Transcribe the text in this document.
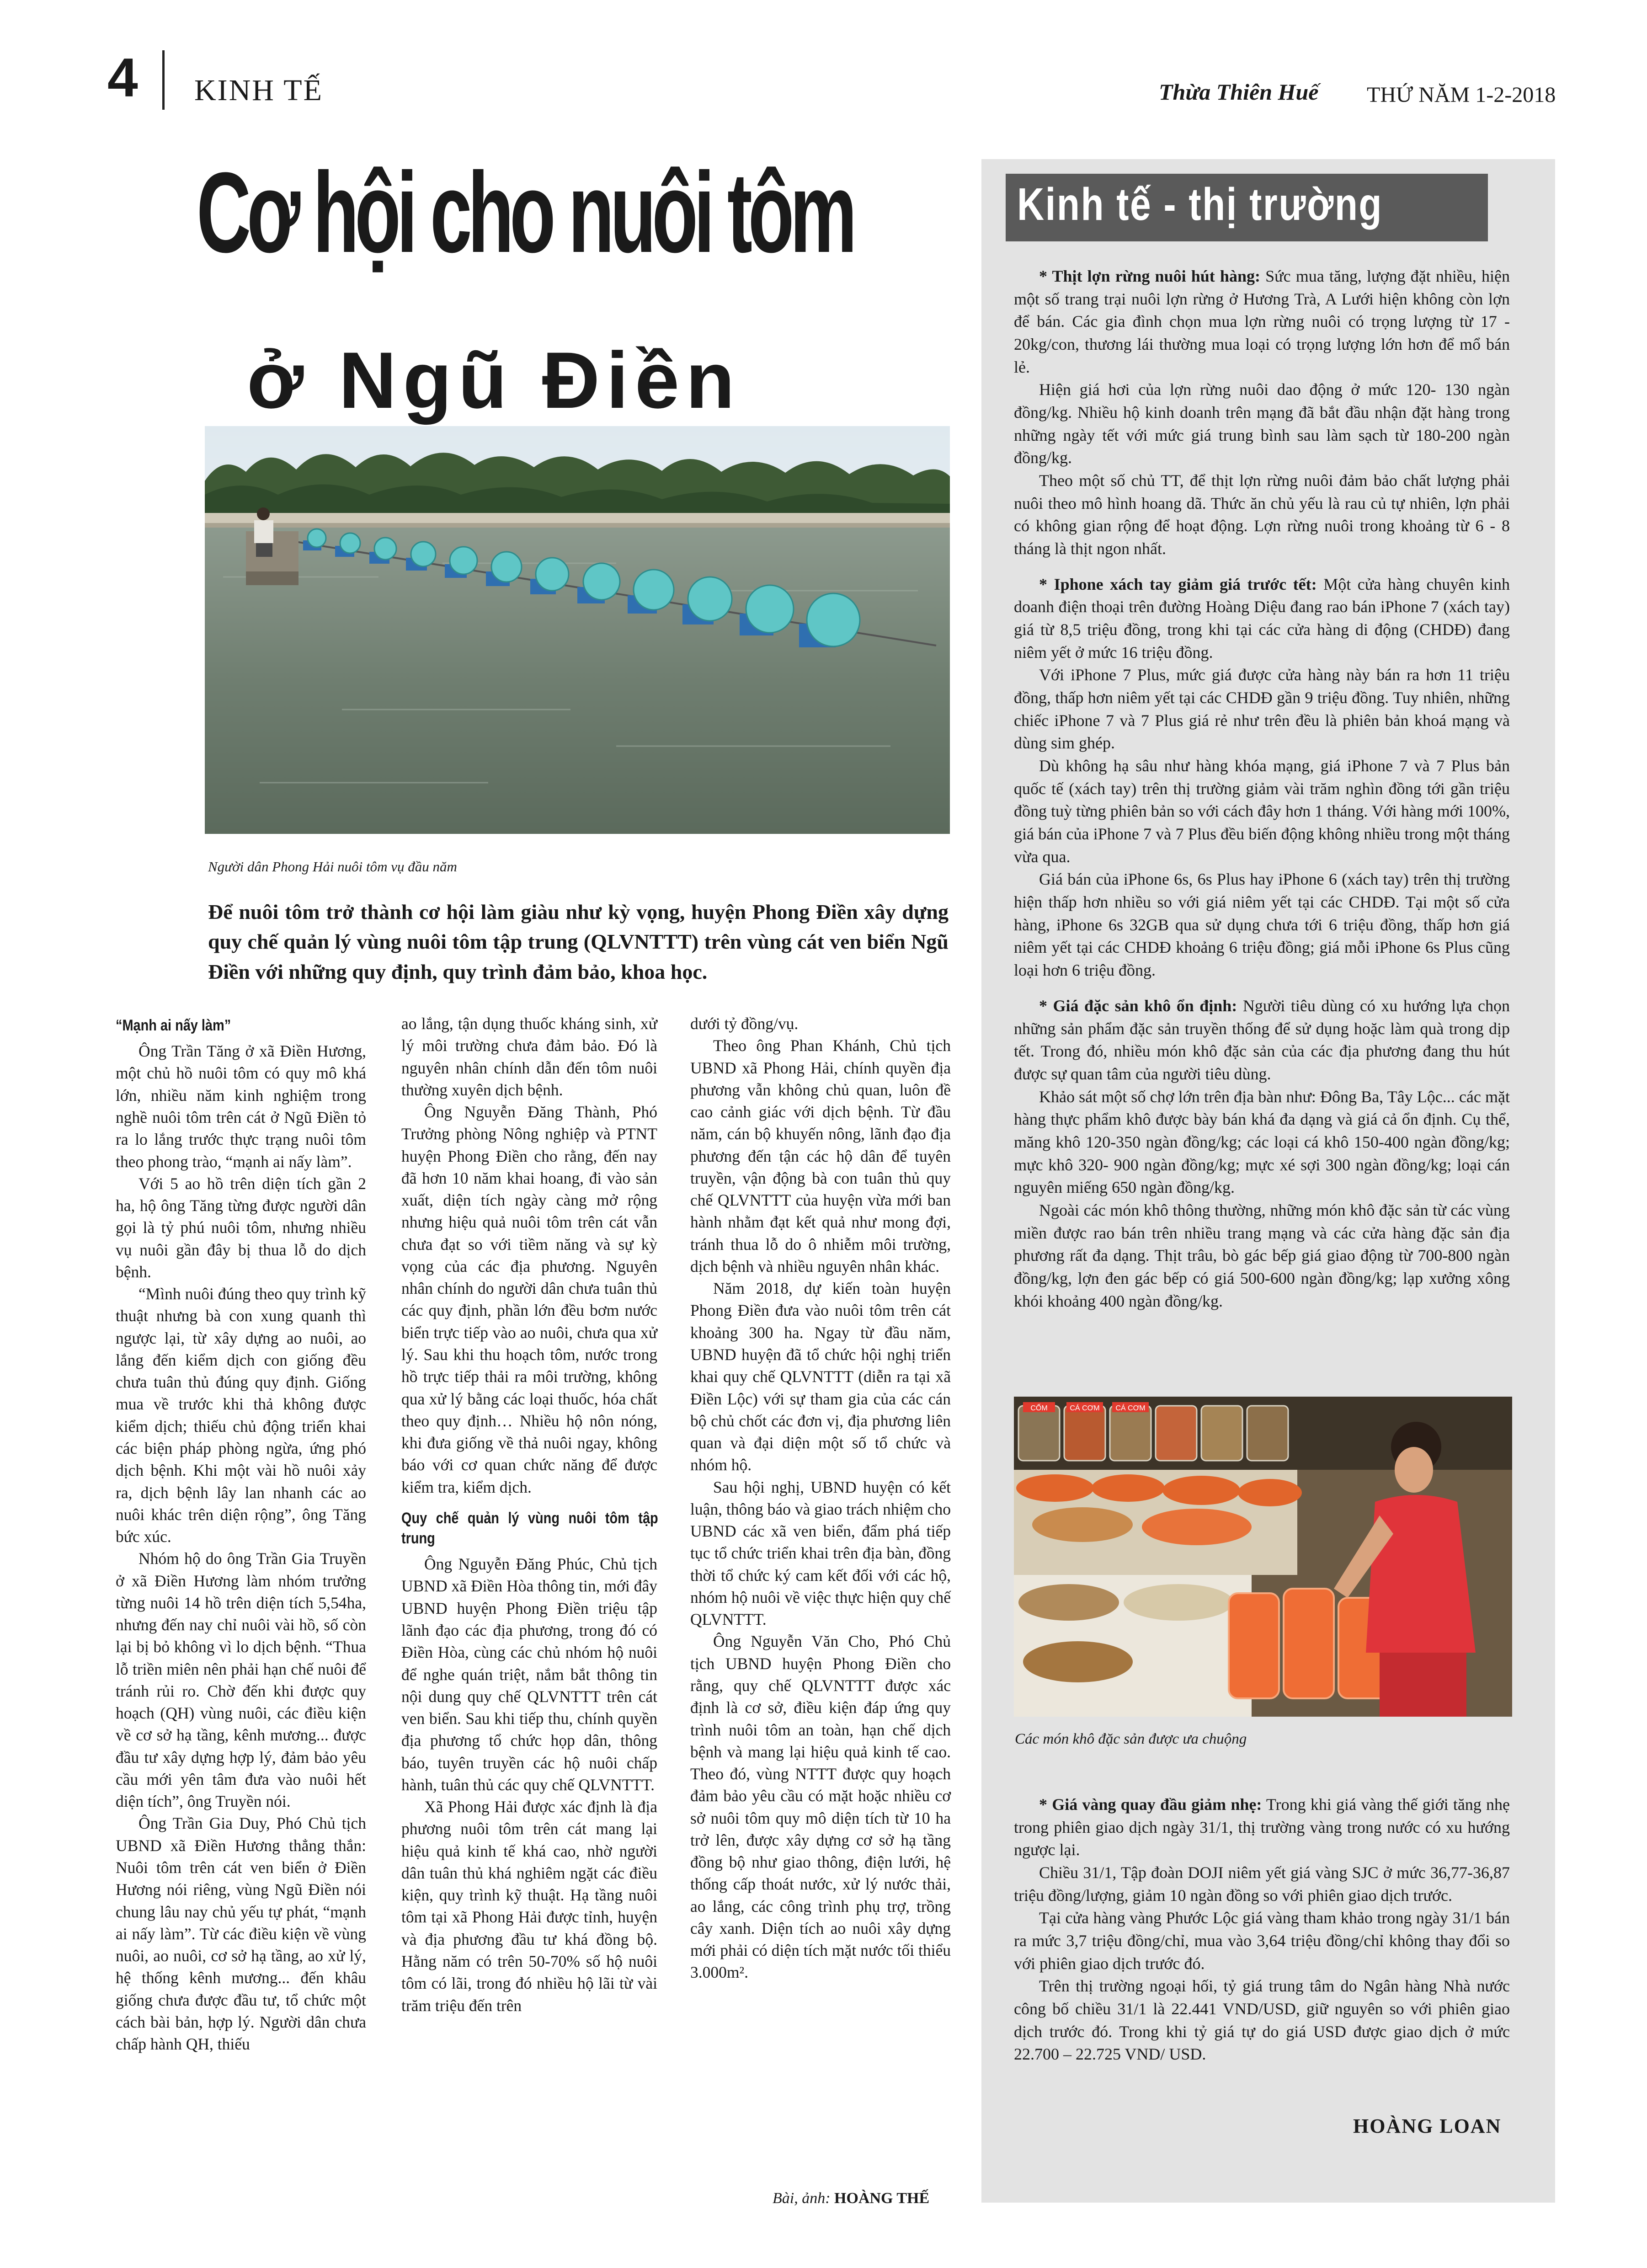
4 KINH TẾ	Thừa Thiên Huế THỨ NĂM 1-2-2018
Cơ hội cho nuôi tôm
ở Ngũ Điền
Người dân Phong Hải nuôi tôm vụ đầu năm
Để nuôi tôm trở thành cơ hội làm giàu như kỳ vọng, huyện Phong Điền xây dựng quy chế quản lý vùng nuôi tôm tập trung (QLVNTTT) trên vùng cát ven biển Ngũ Điền với những quy định, quy trình đảm bảo, khoa học.

“Mạnh ai nấy làm”

Ông Trần Tăng ở xã Điền Hương, một chủ hồ nuôi tôm có quy mô khá lớn, nhiều năm kinh nghiệm trong nghề nuôi tôm trên cát ở Ngũ Điền tỏ ra lo lắng trước thực trạng nuôi tôm theo phong trào, “mạnh ai nấy làm”.

Với 5 ao hồ trên diện tích gần 2 ha, hộ ông Tăng từng được người dân gọi là tỷ phú nuôi tôm, nhưng nhiều vụ nuôi gần đây bị thua lỗ do dịch bệnh.

“Mình nuôi đúng theo quy trình kỹ thuật nhưng bà con xung quanh thì ngược lại, từ xây dựng ao nuôi, ao lắng đến kiểm dịch con giống đều chưa tuân thủ đúng quy định. Giống mua về trước khi thả không được kiểm dịch; thiếu chủ động triển khai các biện pháp phòng ngừa, ứng phó dịch bệnh. Khi một vài hồ nuôi xảy ra, dịch bệnh lây lan nhanh các ao nuôi khác trên diện rộng”, ông Tăng bức xúc.

Nhóm hộ do ông Trần Gia Truyền ở xã Điền Hương làm nhóm trưởng từng nuôi 14 hồ trên diện tích 5,54ha, nhưng đến nay chỉ nuôi vài hồ, số còn lại bị bỏ không vì lo dịch bệnh. “Thua lỗ triền miên nên phải hạn chế nuôi để tránh rủi ro. Chờ đến khi được quy hoạch (QH) vùng nuôi, các điều kiện về cơ sở hạ tầng, kênh mương... được đầu tư xây dựng hợp lý, đảm bảo yêu cầu mới yên tâm đưa vào nuôi hết diện tích”, ông Truyền nói.

Ông Trần Gia Duy, Phó Chủ tịch UBND xã Điền Hương thẳng thắn: Nuôi tôm trên cát ven biển ở Điền Hương nói riêng, vùng Ngũ Điền nói chung lâu nay chủ yếu tự phát, “mạnh ai nấy làm”. Từ các điều kiện về vùng nuôi, ao nuôi, cơ sở hạ tầng, ao xử lý, hệ thống kênh mương... đến khâu giống chưa được đầu tư, tổ chức một cách bài bản, hợp lý. Người dân chưa chấp hành QH, thiếu

ao lắng, tận dụng thuốc kháng sinh, xử lý môi trường chưa đảm bảo. Đó là nguyên nhân chính dẫn đến tôm nuôi thường xuyên dịch bệnh.

Ông Nguyễn Đăng Thành, Phó Trưởng phòng Nông nghiệp và PTNT huyện Phong Điền cho rằng, đến nay đã hơn 10 năm khai hoang, đi vào sản xuất, diện tích ngày càng mở rộng nhưng hiệu quả nuôi tôm trên cát vẫn chưa đạt so với tiềm năng và sự kỳ vọng của các địa phương. Nguyên nhân chính do người dân chưa tuân thủ các quy định, phần lớn đều bơm nước biển trực tiếp vào ao nuôi, chưa qua xử lý. Sau khi thu hoạch tôm, nước trong hồ trực tiếp thải ra môi trường, không qua xử lý bằng các loại thuốc, hóa chất theo quy định… Nhiều hộ nôn nóng, khi đưa giống về thả nuôi ngay, không báo với cơ quan chức năng để được kiểm tra, kiểm dịch.

Quy chế quản lý vùng nuôi tôm tập trung

Ông Nguyễn Đăng Phúc, Chủ tịch UBND xã Điền Hòa thông tin, mới đây UBND huyện Phong Điền triệu tập lãnh đạo các địa phương, trong đó có Điền Hòa, cùng các chủ nhóm hộ nuôi để nghe quán triệt, nắm bắt thông tin nội dung quy chế QLVNTTT trên cát ven biển. Sau khi tiếp thu, chính quyền địa phương tổ chức họp dân, thông báo, tuyên truyền các hộ nuôi chấp hành, tuân thủ các quy chế QLVNTTT.

Xã Phong Hải được xác định là địa phương nuôi tôm trên cát mang lại hiệu quả kinh tế khá cao, nhờ người dân tuân thủ khá nghiêm ngặt các điều kiện, quy trình kỹ thuật. Hạ tầng nuôi tôm tại xã Phong Hải được tỉnh, huyện và địa phương đầu tư khá đồng bộ. Hằng năm có trên 50-70% số hộ nuôi tôm có lãi, trong đó nhiều hộ lãi từ vài trăm triệu đến trên

dưới tỷ đồng/vụ.

Theo ông Phan Khánh, Chủ tịch UBND xã Phong Hải, chính quyền địa phương vẫn không chủ quan, luôn đề cao cảnh giác với dịch bệnh. Từ đầu năm, cán bộ khuyến nông, lãnh đạo địa phương đến tận các hộ dân để tuyên truyền, vận động bà con tuân thủ quy chế QLVNTTT của huyện vừa mới ban hành nhằm đạt kết quả như mong đợi, tránh thua lỗ do ô nhiễm môi trường, dịch bệnh và nhiều nguyên nhân khác.

Năm 2018, dự kiến toàn huyện Phong Điền đưa vào nuôi tôm trên cát khoảng 300 ha. Ngay từ đầu năm, UBND huyện đã tổ chức hội nghị triển khai quy chế QLVNTTT (diễn ra tại xã Điền Lộc) với sự tham gia của các cán bộ chủ chốt các đơn vị, địa phương liên quan và đại diện một số tổ chức và nhóm hộ.

Sau hội nghị, UBND huyện có kết luận, thông báo và giao trách nhiệm cho UBND các xã ven biển, đẩm phá tiếp tục tổ chức triển khai trên địa bàn, đồng thời tổ chức ký cam kết đối với các hộ, nhóm hộ nuôi về việc thực hiện quy chế QLVNTTT.

Ông Nguyễn Văn Cho, Phó Chủ tịch UBND huyện Phong Điền cho rằng, quy chế QLVNTTT được xác định là cơ sở, điều kiện đáp ứng quy trình nuôi tôm an toàn, hạn chế dịch bệnh và mang lại hiệu quả kinh tế cao. Theo đó, vùng NTTT được quy hoạch đảm bảo yêu cầu có mặt hoặc nhiều cơ sở nuôi tôm quy mô diện tích từ 10 ha trở lên, được xây dựng cơ sở hạ tầng đồng bộ như giao thông, điện lưới, hệ thống cấp thoát nước, xử lý nước thải, ao lắng, các công trình phụ trợ, trồng cây xanh. Diện tích ao nuôi xây dựng mới phải có diện tích mặt nước tối thiểu 3.000m².

Bài, ảnh: HOÀNG THẾ
Kinh tế - thị trường

* Thịt lợn rừng nuôi hút hàng: Sức mua tăng, lượng đặt nhiều, hiện một số trang trại nuôi lợn rừng ở Hương Trà, A Lưới hiện không còn lợn để bán. Các gia đình chọn mua lợn rừng nuôi có trọng lượng từ 17 - 20kg/con, thương lái thường mua loại có trọng lượng lớn hơn để mổ bán lẻ.

Hiện giá hơi của lợn rừng nuôi dao động ở mức 120- 130 ngàn đồng/kg. Nhiều hộ kinh doanh trên mạng đã bắt đầu nhận đặt hàng trong những ngày tết với mức giá trung bình sau làm sạch từ 180-200 ngàn đồng/kg.

Theo một số chủ TT, để thịt lợn rừng nuôi đảm bảo chất lượng phải nuôi theo mô hình hoang dã. Thức ăn chủ yếu là rau củ tự nhiên, lợn phải có không gian rộng để hoạt động. Lợn rừng nuôi trong khoảng từ 6 - 8 tháng là thịt ngon nhất.

* Iphone xách tay giảm giá trước tết: Một cửa hàng chuyên kinh doanh điện thoại trên đường Hoàng Diệu đang rao bán iPhone 7 (xách tay) giá từ 8,5 triệu đồng, trong khi tại các cửa hàng di động (CHDĐ) đang niêm yết ở mức 16 triệu đồng.

Với iPhone 7 Plus, mức giá được cửa hàng này bán ra hơn 11 triệu đồng, thấp hơn niêm yết tại các CHDĐ gần 9 triệu đồng. Tuy nhiên, những chiếc iPhone 7 và 7 Plus giá rẻ như trên đều là phiên bản khoá mạng và dùng sim ghép.

Dù không hạ sâu như hàng khóa mạng, giá iPhone 7 và 7 Plus bản quốc tế (xách tay) trên thị trường giảm vài trăm nghìn đồng tới gần triệu đồng tuỳ từng phiên bản so với cách đây hơn 1 tháng. Với hàng mới 100%, giá bán của iPhone 7 và 7 Plus đều biến động không nhiều trong một tháng vừa qua.

Giá bán của iPhone 6s, 6s Plus hay iPhone 6 (xách tay) trên thị trường hiện thấp hơn nhiều so với giá niêm yết tại các CHDĐ. Tại một số cửa hàng, iPhone 6s 32GB qua sử dụng chưa tới 6 triệu đồng, thấp hơn giá niêm yết tại các CHDĐ khoảng 6 triệu đồng; giá mỗi iPhone 6s Plus cũng loại hơn 6 triệu đồng.

* Giá đặc sản khô ổn định: Người tiêu dùng có xu hướng lựa chọn những sản phẩm đặc sản truyền thống để sử dụng hoặc làm quà trong dịp tết. Trong đó, nhiều món khô đặc sản của các địa phương đang thu hút được sự quan tâm của người tiêu dùng.

Khảo sát một số chợ lớn trên địa bàn như: Đông Ba, Tây Lộc... các mặt hàng thực phẩm khô được bày bán khá đa dạng và giá cả ổn định. Cụ thể, măng khô 120-350 ngàn đồng/kg; các loại cá khô 150-400 ngàn đồng/kg; mực khô 320- 900 ngàn đồng/kg; mực xé sợi 300 ngàn đồng/kg; loại cán nguyên miếng 650 ngàn đồng/kg.

Ngoài các món khô thông thường, những món khô đặc sản từ các vùng miền được rao bán trên nhiều trang mạng và các cửa hàng đặc sản địa phương rất đa dạng. Thịt trâu, bò gác bếp giá giao động từ 700-800 ngàn đồng/kg, lợn đen gác bếp có giá 500-600 ngàn đồng/kg; lạp xưởng xông khói khoảng 400 ngàn đồng/kg.

CỐM	CÁ CƠM CÁ CƠM
Các món khô đặc sản được ưa chuộng

* Giá vàng quay đầu giảm nhẹ: Trong khi giá vàng thế giới tăng nhẹ trong phiên giao dịch ngày 31/1, thị trường vàng trong nước có xu hướng ngược lại.

Chiều 31/1, Tập đoàn DOJI niêm yết giá vàng SJC ở mức 36,77-36,87 triệu đồng/lượng, giảm 10 ngàn đồng so với phiên giao dịch trước.

Tại cửa hàng vàng Phước Lộc giá vàng tham khảo trong ngày 31/1 bán ra mức 3,7 triệu đồng/chỉ, mua vào 3,64 triệu đồng/chỉ không thay đổi so với phiên giao dịch trước đó.

Trên thị trường ngoại hối, tỷ giá trung tâm do Ngân hàng Nhà nước công bố chiều 31/1 là 22.441 VND/USD, giữ nguyên so với phiên giao dịch trước đó. Trong khi tỷ giá tự do giá USD được giao dịch ở mức 22.700 – 22.725 VND/ USD.

HOÀNG LOAN
